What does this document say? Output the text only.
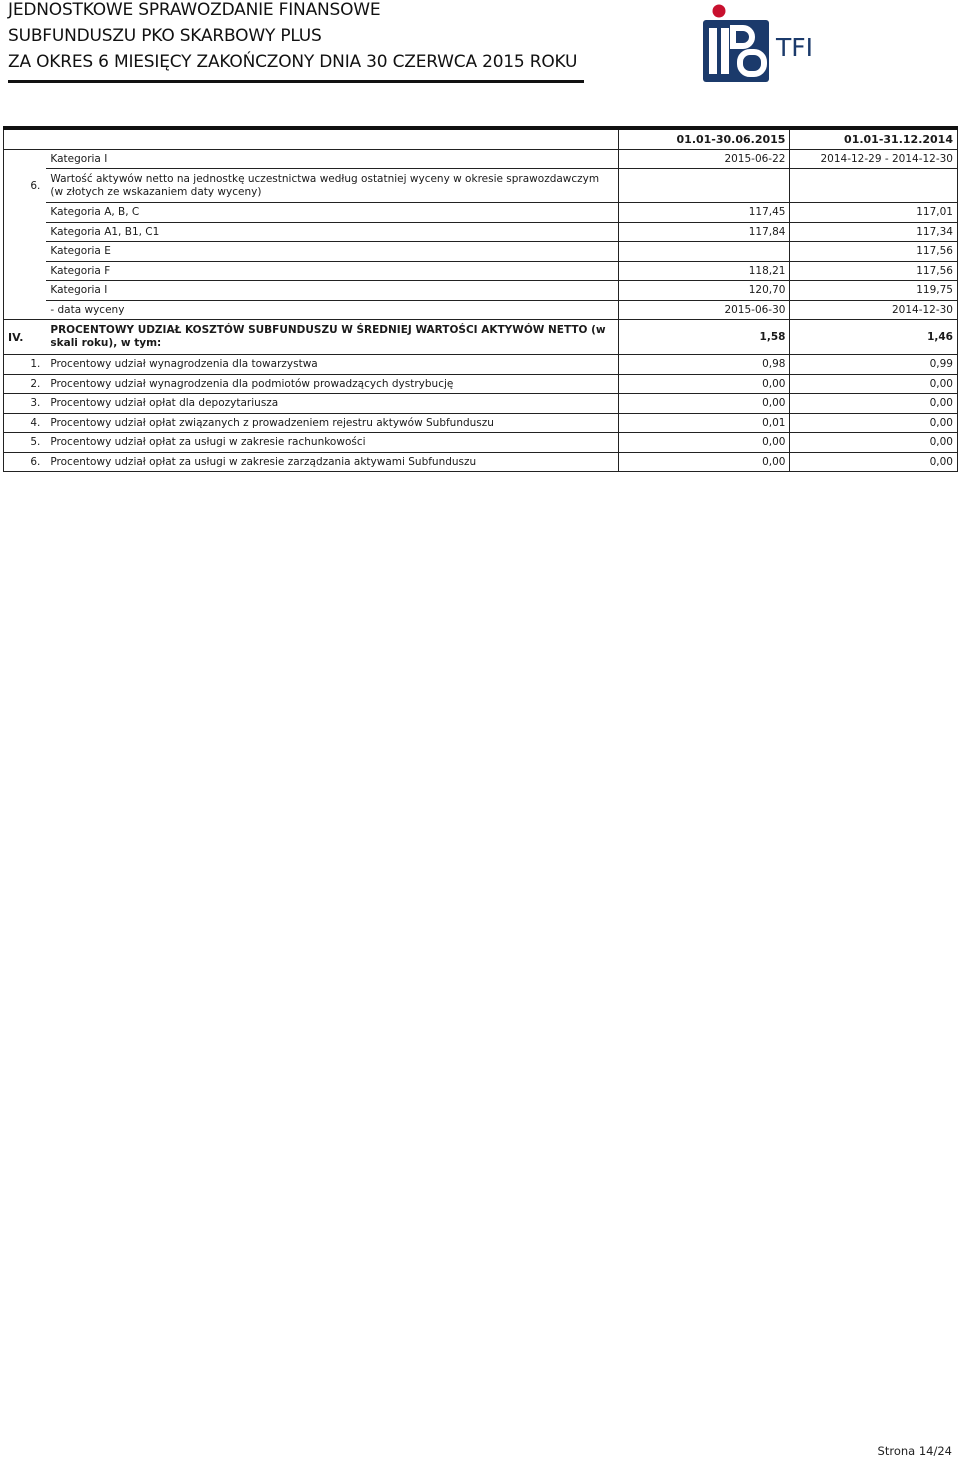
JEDNOSTKOWE SPRAWOZDANIE FINANSOWE
SUBFUNDUSZU PKO SKARBOWY PLUS
ZA OKRES 6 MIESIĘCY ZAKOŃCZONY DNIA 30 CZERWCA 2015 ROKU	TFI
		01.01-30.06.2015	01.01-31.12.2014
	Kategoria I	2015-06-22	2014-12-29 - 2014-12-30
6.	Wartość aktywów netto na jednostkę uczestnictwa według ostatniej wyceny w okresie sprawozdawczym (w złotych ze wskazaniem daty wyceny)		
	Kategoria A, B, C	117,45	117,01
	Kategoria A1, B1, C1	117,84	117,34
	Kategoria E		117,56
	Kategoria F	118,21	117,56
	Kategoria I	120,70	119,75
	- data wyceny	2015-06-30	2014-12-30
IV.	PROCENTOWY UDZIAŁ KOSZTÓW SUBFUNDUSZU W ŚREDNIEJ WARTOŚCI AKTYWÓW NETTO (w skali roku), w tym:	1,58	1,46
1.	Procentowy udział wynagrodzenia dla towarzystwa	0,98	0,99
2.	Procentowy udział wynagrodzenia dla podmiotów prowadzących dystrybucję	0,00	0,00
3.	Procentowy udział opłat dla depozytariusza	0,00	0,00
4.	Procentowy udział opłat związanych z prowadzeniem rejestru aktywów Subfunduszu	0,01	0,00
5.	Procentowy udział opłat za usługi w zakresie rachunkowości	0,00	0,00
6.	Procentowy udział opłat za usługi w zakresie zarządzania aktywami Subfunduszu	0,00	0,00
Strona 14/24
